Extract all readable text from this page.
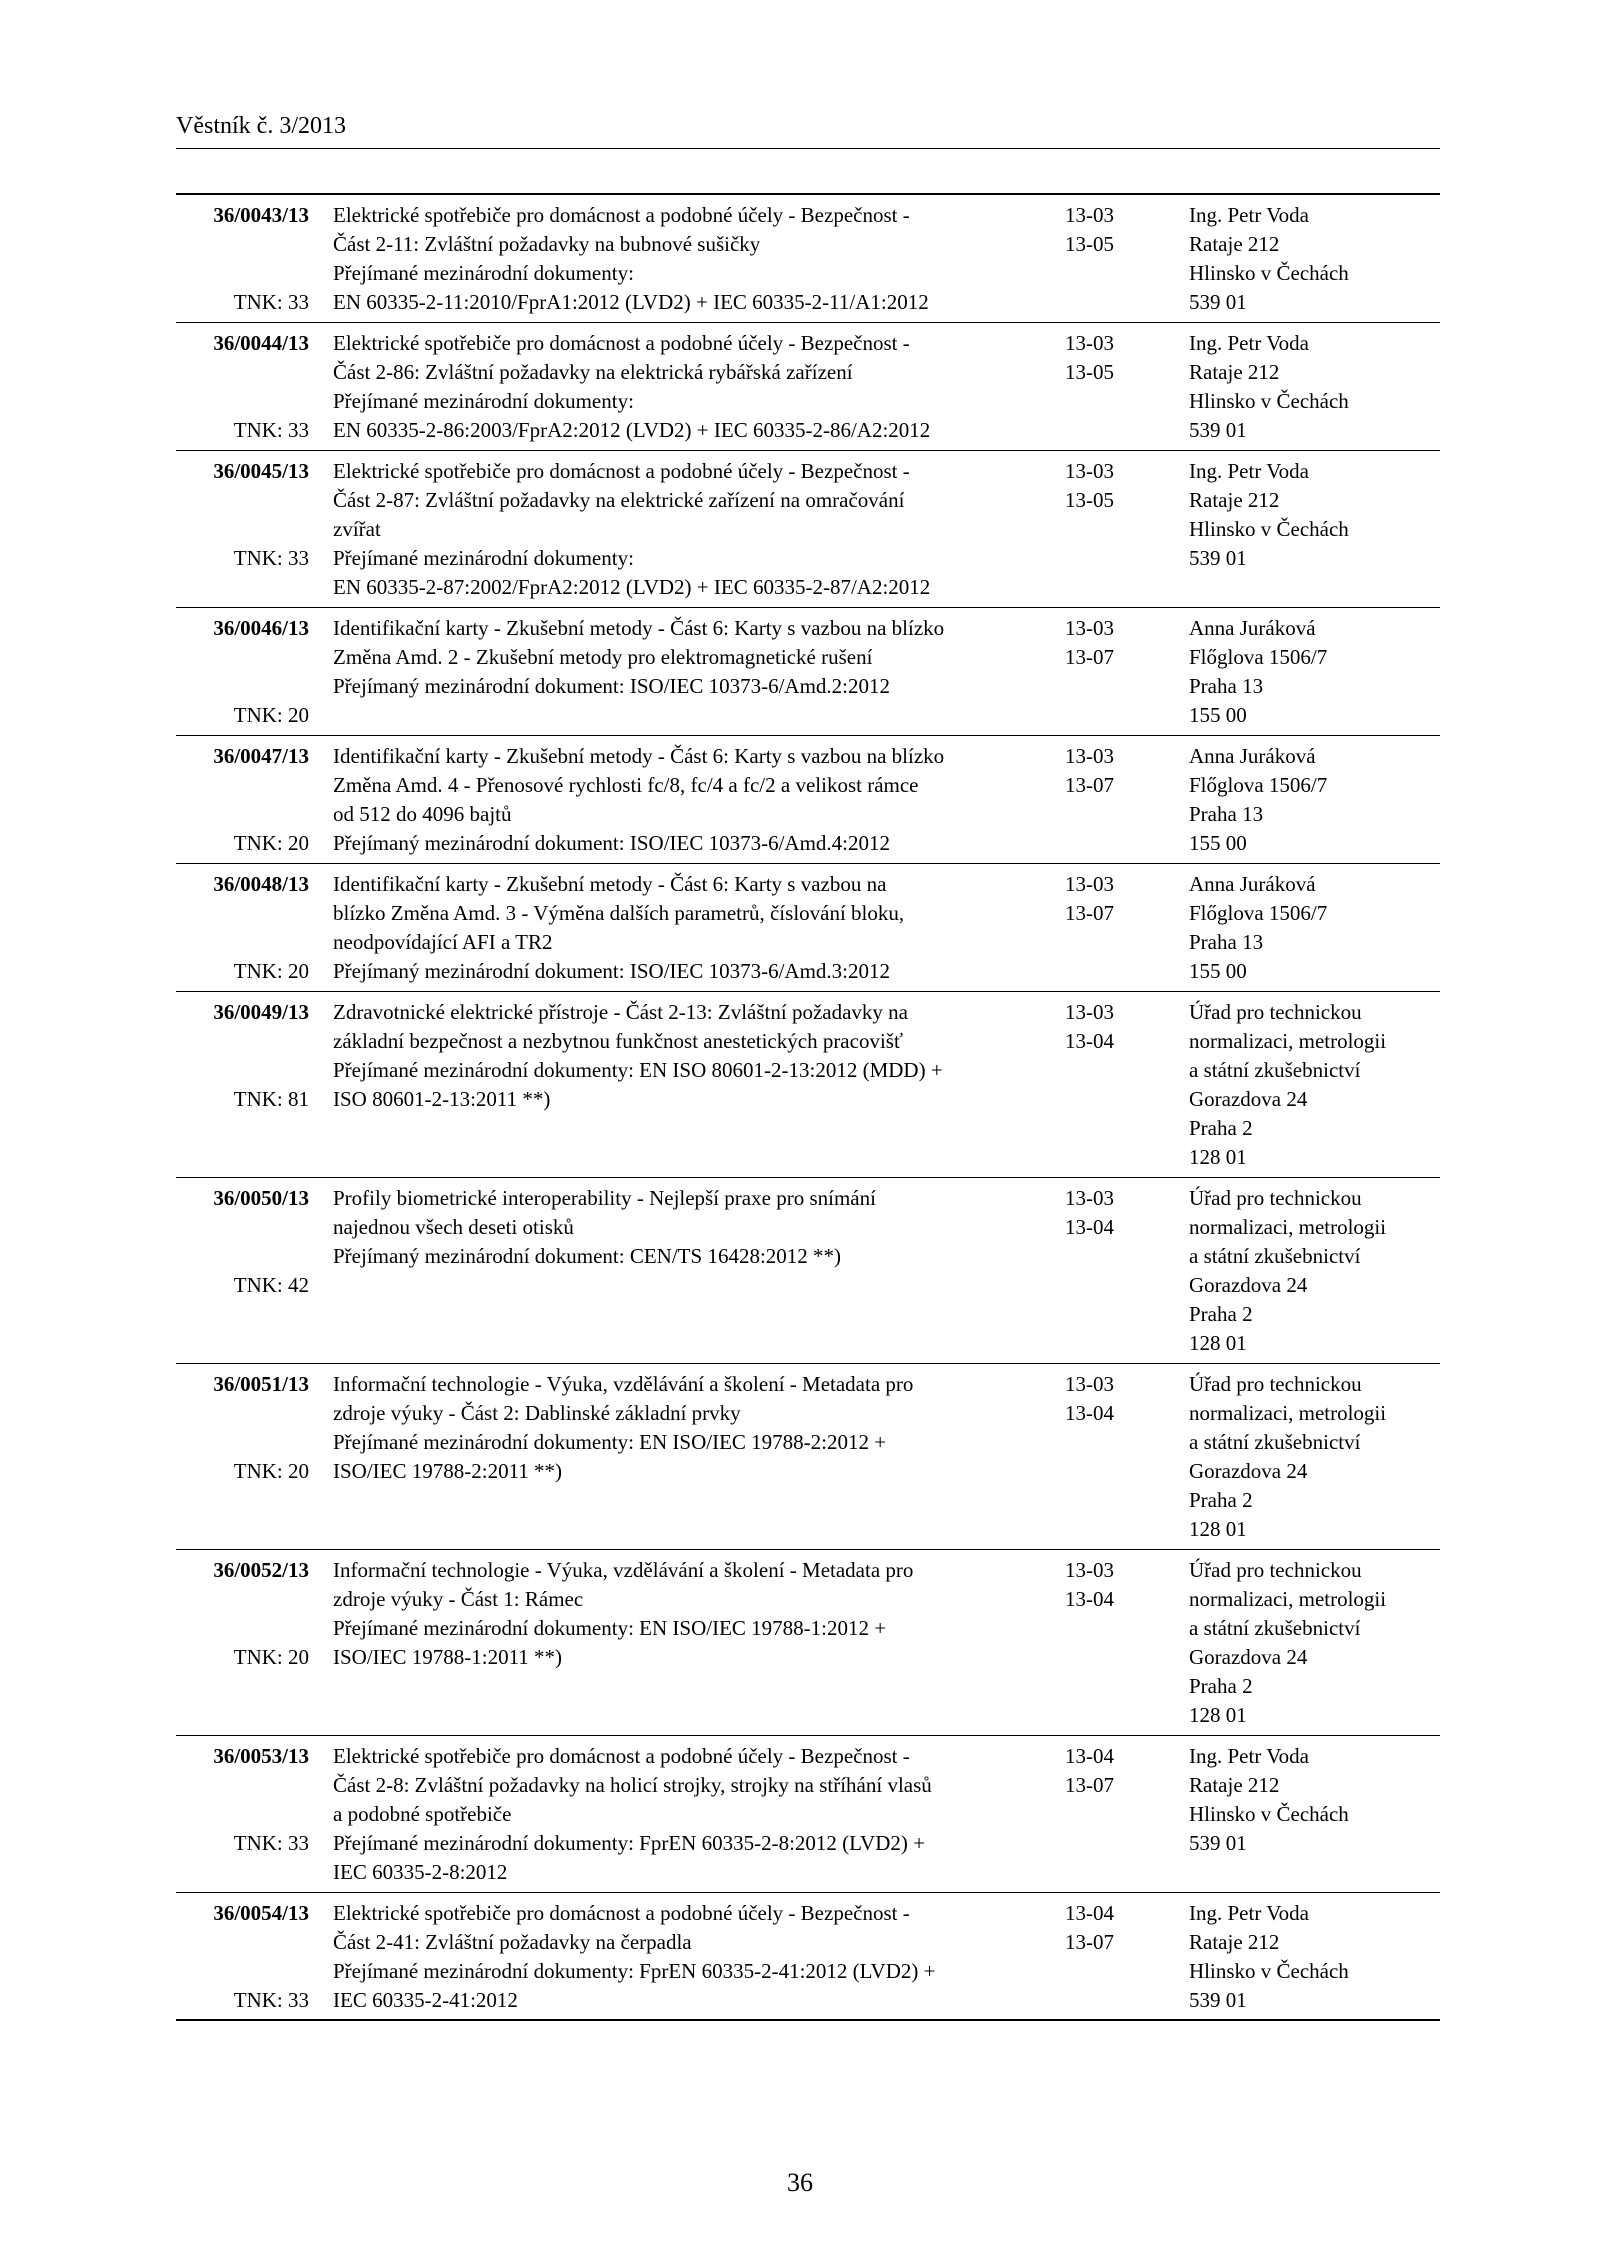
Věstník č. 3/2013
36/0043/13
TNK: 33
Elektrické spotřebiče pro domácnost a podobné účely - Bezpečnost -
Část 2-11: Zvláštní požadavky na bubnové sušičky
Přejímané mezinárodní dokumenty:
EN 60335-2-11:2010/FprA1:2012 (LVD2) + IEC 60335-2-11/A1:2012
13-03
13-05
Ing. Petr Voda
Rataje 212
Hlinsko v Čechách
539 01
36/0044/13
TNK: 33
Elektrické spotřebiče pro domácnost a podobné účely - Bezpečnost -
Část 2-86: Zvláštní požadavky na elektrická rybářská zařízení
Přejímané mezinárodní dokumenty:
EN 60335-2-86:2003/FprA2:2012 (LVD2) + IEC 60335-2-86/A2:2012
13-03
13-05
Ing. Petr Voda
Rataje 212
Hlinsko v Čechách
539 01
36/0045/13
TNK: 33
Elektrické spotřebiče pro domácnost a podobné účely - Bezpečnost -
Část 2-87: Zvláštní požadavky na elektrické zařízení na omračování
zvířat
Přejímané mezinárodní dokumenty:
EN 60335-2-87:2002/FprA2:2012 (LVD2) + IEC 60335-2-87/A2:2012
13-03
13-05
Ing. Petr Voda
Rataje 212
Hlinsko v Čechách
539 01
36/0046/13
TNK: 20
Identifikační karty - Zkušební metody - Část 6: Karty s vazbou na blízko
Změna Amd. 2 - Zkušební metody pro elektromagnetické rušení
Přejímaný mezinárodní dokument: ISO/IEC 10373-6/Amd.2:2012
13-03
13-07
Anna Juráková
Flőglova 1506/7
Praha 13
155 00
36/0047/13
TNK: 20
Identifikační karty - Zkušební metody - Část 6: Karty s vazbou na blízko
Změna Amd. 4 - Přenosové rychlosti fc/8, fc/4 a fc/2 a velikost rámce
od 512 do 4096 bajtů
Přejímaný mezinárodní dokument: ISO/IEC 10373-6/Amd.4:2012
13-03
13-07
Anna Juráková
Flőglova 1506/7
Praha 13
155 00
36/0048/13
TNK: 20
Identifikační karty - Zkušební metody - Část 6: Karty s vazbou na
blízko Změna Amd. 3 - Výměna dalších parametrů, číslování bloku,
neodpovídající AFI a TR2
Přejímaný mezinárodní dokument: ISO/IEC 10373-6/Amd.3:2012
13-03
13-07
Anna Juráková
Flőglova 1506/7
Praha 13
155 00
36/0049/13
TNK: 81
Zdravotnické elektrické přístroje - Část 2-13: Zvláštní požadavky na
základní bezpečnost a nezbytnou funkčnost anestetických pracovišť
Přejímané mezinárodní dokumenty: EN ISO 80601-2-13:2012 (MDD) +
ISO 80601-2-13:2011 **)
13-03
13-04
Úřad pro technickou
normalizaci, metrologii
a státní zkušebnictví
Gorazdova 24
Praha 2
128 01
36/0050/13
TNK: 42
Profily biometrické interoperability - Nejlepší praxe pro snímání
najednou všech deseti otisků
Přejímaný mezinárodní dokument: CEN/TS 16428:2012 **)
13-03
13-04
Úřad pro technickou
normalizaci, metrologii
a státní zkušebnictví
Gorazdova 24
Praha 2
128 01
36/0051/13
TNK: 20
Informační technologie - Výuka, vzdělávání a školení - Metadata pro
zdroje výuky - Část 2: Dablinské základní prvky
Přejímané mezinárodní dokumenty: EN ISO/IEC 19788-2:2012 +
ISO/IEC 19788-2:2011 **)
13-03
13-04
Úřad pro technickou
normalizaci, metrologii
a státní zkušebnictví
Gorazdova 24
Praha 2
128 01
36/0052/13
TNK: 20
Informační technologie - Výuka, vzdělávání a školení - Metadata pro
zdroje výuky - Část 1: Rámec
Přejímané mezinárodní dokumenty: EN ISO/IEC 19788-1:2012 +
ISO/IEC 19788-1:2011 **)
13-03
13-04
Úřad pro technickou
normalizaci, metrologii
a státní zkušebnictví
Gorazdova 24
Praha 2
128 01
36/0053/13
TNK: 33
Elektrické spotřebiče pro domácnost a podobné účely - Bezpečnost -
Část 2-8: Zvláštní požadavky na holicí strojky, strojky na stříhání vlasů
a podobné spotřebiče
Přejímané mezinárodní dokumenty: FprEN 60335-2-8:2012 (LVD2) +
IEC 60335-2-8:2012
13-04
13-07
Ing. Petr Voda
Rataje 212
Hlinsko v Čechách
539 01
36/0054/13
TNK: 33
Elektrické spotřebiče pro domácnost a podobné účely - Bezpečnost -
Část 2-41: Zvláštní požadavky na čerpadla
Přejímané mezinárodní dokumenty: FprEN 60335-2-41:2012 (LVD2) +
IEC 60335-2-41:2012
13-04
13-07
Ing. Petr Voda
Rataje 212
Hlinsko v Čechách
539 01
36
